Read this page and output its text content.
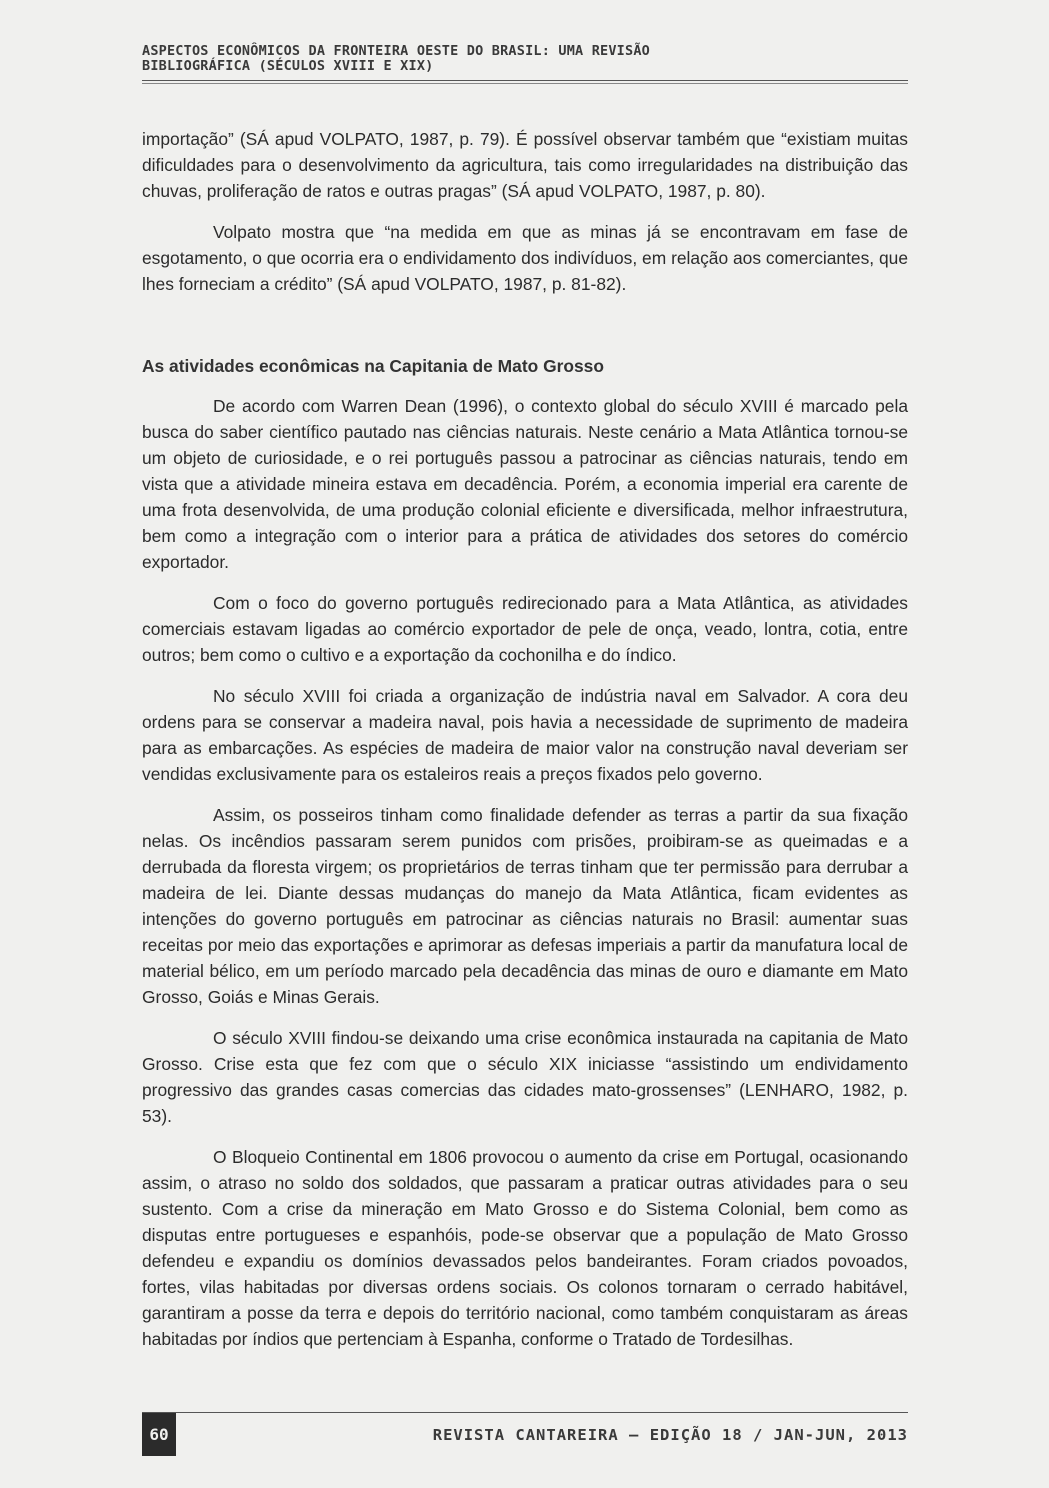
ASPECTOS ECONÔMICOS DA FRONTEIRA OESTE DO BRASIL: UMA REVISÃO BIBLIOGRÁFICA (SÉCULOS XVIII E XIX)

importação” (SÁ apud VOLPATO, 1987, p. 79). É possível observar também que “existiam muitas dificuldades para o desenvolvimento da agricultura, tais como irregularidades na distribuição das chuvas, proliferação de ratos e outras pragas” (SÁ apud VOLPATO, 1987, p. 80).

Volpato mostra que “na medida em que as minas já se encontravam em fase de esgotamento, o que ocorria era o endividamento dos indivíduos, em relação aos comerciantes, que lhes forneciam a crédito” (SÁ apud VOLPATO, 1987, p. 81-82).

As atividades econômicas na Capitania de Mato Grosso

De acordo com Warren Dean (1996), o contexto global do século XVIII é marcado pela busca do saber científico pautado nas ciências naturais. Neste cenário a Mata Atlântica tornou-se um objeto de curiosidade, e o rei português passou a patrocinar as ciências naturais, tendo em vista que a atividade mineira estava em decadência. Porém, a economia imperial era carente de uma frota desenvolvida, de uma produção colonial eficiente e diversificada, melhor infraestrutura, bem como a integração com o interior para a prática de atividades dos setores do comércio exportador.

Com o foco do governo português redirecionado para a Mata Atlântica, as atividades comerciais estavam ligadas ao comércio exportador de pele de onça, veado, lontra, cotia, entre outros; bem como o cultivo e a exportação da cochonilha e do índico.

No século XVIII foi criada a organização de indústria naval em Salvador. A cora deu ordens para se conservar a madeira naval, pois havia a necessidade de suprimento de madeira para as embarcações. As espécies de madeira de maior valor na construção naval deveriam ser vendidas exclusivamente para os estaleiros reais a preços fixados pelo governo.

Assim, os posseiros tinham como finalidade defender as terras a partir da sua fixação nelas. Os incêndios passaram serem punidos com prisões, proibiram-se as queimadas e a derrubada da floresta virgem; os proprietários de terras tinham que ter permissão para derrubar a madeira de lei. Diante dessas mudanças do manejo da Mata Atlântica, ficam evidentes as intenções do governo português em patrocinar as ciências naturais no Brasil: aumentar suas receitas por meio das exportações e aprimorar as defesas imperiais a partir da manufatura local de material bélico, em um período marcado pela decadência das minas de ouro e diamante em Mato Grosso, Goiás e Minas Gerais.

O século XVIII findou-se deixando uma crise econômica instaurada na capitania de Mato Grosso. Crise esta que fez com que o século XIX iniciasse “assistindo um endividamento progressivo das grandes casas comercias das cidades mato-grossenses” (LENHARO, 1982, p. 53).

O Bloqueio Continental em 1806 provocou o aumento da crise em Portugal, ocasionando assim, o atraso no soldo dos soldados, que passaram a praticar outras atividades para o seu sustento. Com a crise da mineração em Mato Grosso e do Sistema Colonial, bem como as disputas entre portugueses e espanhóis, pode-se observar que a população de Mato Grosso defendeu e expandiu os domínios devassados pelos bandeirantes. Foram criados povoados, fortes, vilas habitadas por diversas ordens sociais. Os colonos tornaram o cerrado habitável, garantiram a posse da terra e depois do território nacional, como também conquistaram as áreas habitadas por índios que pertenciam à Espanha, conforme o Tratado de Tordesilhas.

60	REVISTA CANTAREIRA – EDIÇÃO 18 / JAN-JUN, 2013
